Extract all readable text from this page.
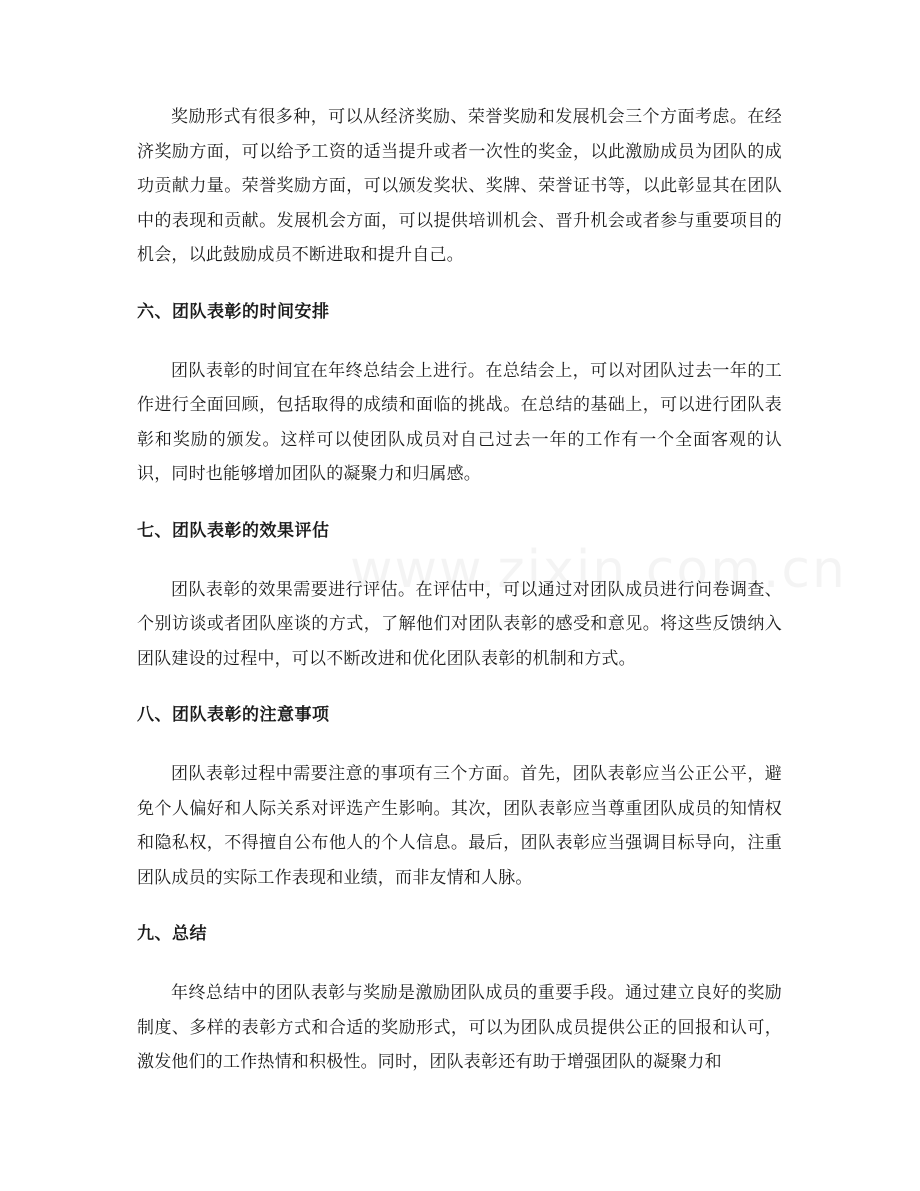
奖励形式有很多种，可以从经济奖励、荣誉奖励和发展机会三个方面考虑。在经济奖励方面，可以给予工资的适当提升或者一次性的奖金，以此激励成员为团队的成功贡献力量。荣誉奖励方面，可以颁发奖状、奖牌、荣誉证书等，以此彰显其在团队中的表现和贡献。发展机会方面，可以提供培训机会、晋升机会或者参与重要项目的机会，以此鼓励成员不断进取和提升自己。

六、团队表彰的时间安排

团队表彰的时间宜在年终总结会上进行。在总结会上，可以对团队过去一年的工作进行全面回顾，包括取得的成绩和面临的挑战。在总结的基础上，可以进行团队表彰和奖励的颁发。这样可以使团队成员对自己过去一年的工作有一个全面客观的认识，同时也能够增加团队的凝聚力和归属感。

七、团队表彰的效果评估

团队表彰的效果需要进行评估。在评估中，可以通过对团队成员进行问卷调查、个别访谈或者团队座谈的方式，了解他们对团队表彰的感受和意见。将这些反馈纳入团队建设的过程中，可以不断改进和优化团队表彰的机制和方式。

八、团队表彰的注意事项

团队表彰过程中需要注意的事项有三个方面。首先，团队表彰应当公正公平，避免个人偏好和人际关系对评选产生影响。其次，团队表彰应当尊重团队成员的知情权和隐私权，不得擅自公布他人的个人信息。最后，团队表彰应当强调目标导向，注重团队成员的实际工作表现和业绩，而非友情和人脉。

九、总结

年终总结中的团队表彰与奖励是激励团队成员的重要手段。通过建立良好的奖励制度、多样的表彰方式和合适的奖励形式，可以为团队成员提供公正的回报和认可，激发他们的工作热情和积极性。同时，团队表彰还有助于增强团队的凝聚力和
